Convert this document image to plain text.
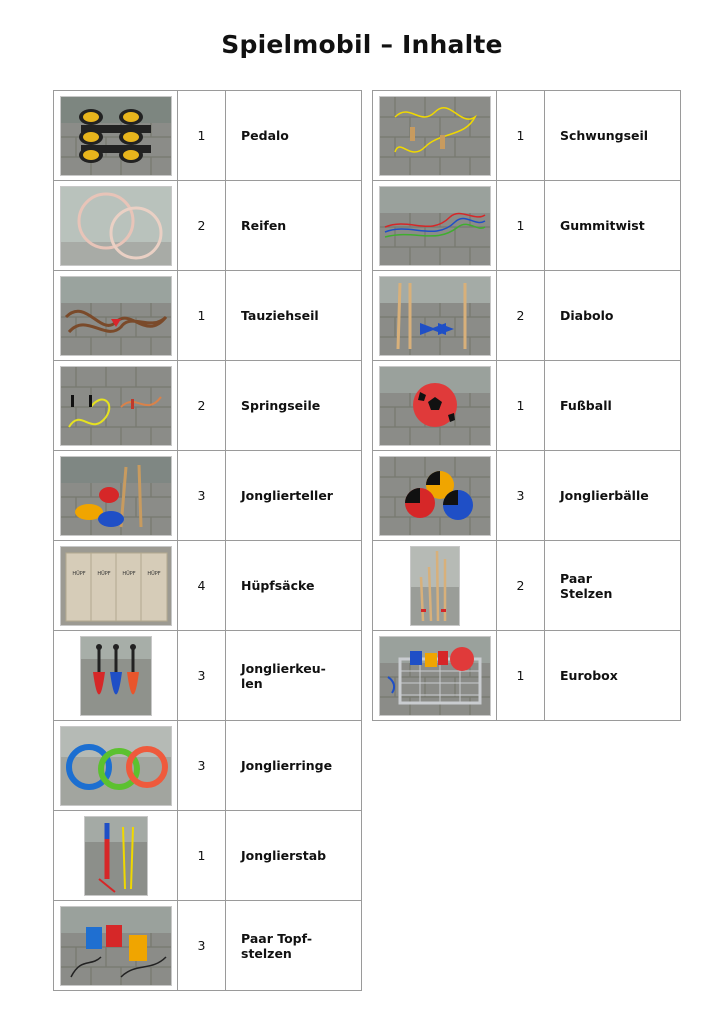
Spielmobil – Inhalte
	1	Pedalo

	2	Reifen

	1	Tauziehseil

	2	Springseile

	3	Jonglierteller

HÜPF HÜPF HÜPF HÜPF	4	Hüpfsäcke

	3	Jonglierkeu-
len

	3	Jonglierringe

	1	Jonglierstab

	3	Paar Topf-
stelzen
	1	Schwungseil

	1	Gummitwist

	2	Diabolo

	1	Fußball

	3	Jonglierbälle

	2	Paar
Stelzen

	1	Eurobox
